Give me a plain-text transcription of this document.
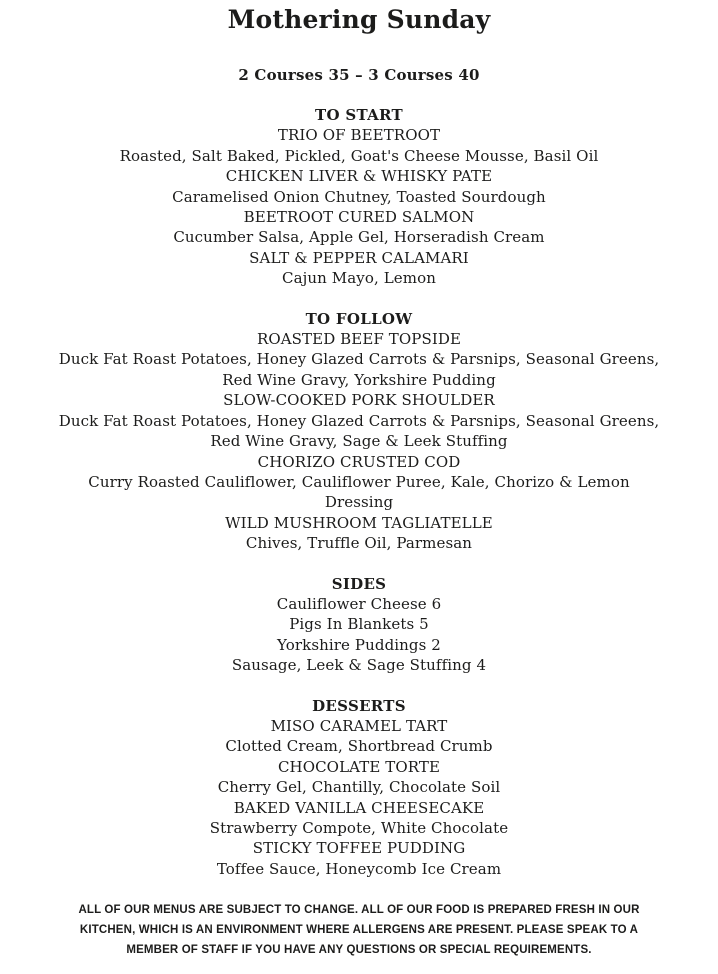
Mothering Sunday

2 Courses 35 – 3 Courses 40

TO START

TRIO OF BEETROOT

Roasted, Salt Baked, Pickled, Goat's Cheese Mousse, Basil Oil

CHICKEN LIVER & WHISKY PATE

Caramelised Onion Chutney, Toasted Sourdough

BEETROOT CURED SALMON

Cucumber Salsa, Apple Gel, Horseradish Cream

SALT & PEPPER CALAMARI

Cajun Mayo, Lemon

TO FOLLOW

ROASTED BEEF TOPSIDE

Duck Fat Roast Potatoes, Honey Glazed Carrots & Parsnips, Seasonal Greens, Red Wine Gravy, Yorkshire Pudding

SLOW-COOKED PORK SHOULDER

Duck Fat Roast Potatoes, Honey Glazed Carrots & Parsnips, Seasonal Greens, Red Wine Gravy, Sage & Leek Stuffing

CHORIZO CRUSTED COD

Curry Roasted Cauliflower, Cauliflower Puree, Kale, Chorizo & Lemon Dressing

WILD MUSHROOM TAGLIATELLE

Chives, Truffle Oil, Parmesan

SIDES

Cauliflower Cheese 6

Pigs In Blankets 5

Yorkshire Puddings 2

Sausage, Leek & Sage Stuffing 4

DESSERTS

MISO CARAMEL TART

Clotted Cream, Shortbread Crumb

CHOCOLATE TORTE

Cherry Gel, Chantilly, Chocolate Soil

BAKED VANILLA CHEESECAKE

Strawberry Compote, White Chocolate

STICKY TOFFEE PUDDING

Toffee Sauce, Honeycomb Ice Cream

ALL OF OUR MENUS ARE SUBJECT TO CHANGE. ALL OF OUR FOOD IS PREPARED FRESH IN OUR KITCHEN, WHICH IS AN ENVIRONMENT WHERE ALLERGENS ARE PRESENT. PLEASE SPEAK TO A MEMBER OF STAFF IF YOU HAVE ANY QUESTIONS OR SPECIAL REQUIREMENTS.
